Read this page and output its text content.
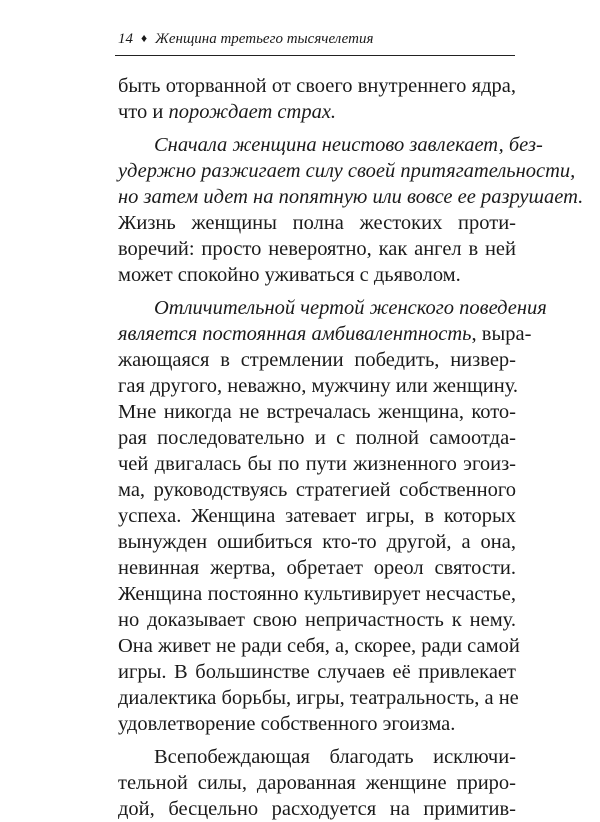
14 ♦ Женщина третьего тысячелетия
быть оторванной от своего внутреннего ядра,
что и порождает страх.
Сначала женщина неистово завлекает, без-
удержно разжигает силу своей притягательности,
но затем идет на попятную или вовсе ее разрушает.
Жизнь женщины полна жестоких проти-
воречий: просто невероятно, как ангел в ней
может спокойно уживаться с дьяволом.
Отличительной чертой женского поведения
является постоянная амбивалентность, выра-
жающаяся в стремлении победить, низвер-
гая другого, неважно, мужчину или женщину.
Мне никогда не встречалась женщина, кото-
рая последовательно и с полной самоотда-
чей двигалась бы по пути жизненного эгоиз-
ма, руководствуясь стратегией собственного
успеха. Женщина затевает игры, в которых
вынужден ошибиться кто-то другой, а она,
невинная жертва, обретает ореол святости.
Женщина постоянно культивирует несчастье,
но доказывает свою непричастность к нему.
Она живет не ради себя, а, скорее, ради самой
игры. В большинстве случаев её привлекает
диалектика борьбы, игры, театральность, а не
удовлетворение собственного эгоизма.
Всепобеждающая благодать исключи-
тельной силы, дарованная женщине приро-
дой, бесцельно расходуется на примитив-
